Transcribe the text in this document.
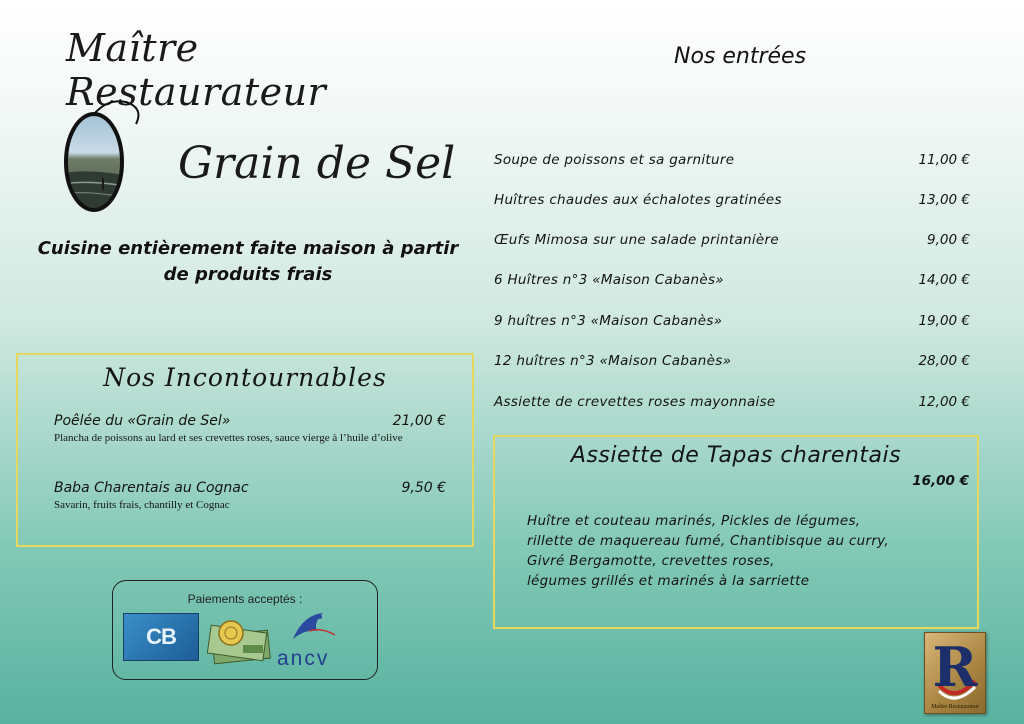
Maître Restaurateur
Grain de Sel
Cuisine entièrement faite maison à partir
de produits frais
Nos Incontournables
Poêlée du «Grain de Sel»	21,00 €
Plancha de poissons au lard et ses crevettes roses, sauce vierge à l’huile d’olive
Baba Charentais au Cognac	9,50 €
Savarin, fruits frais, chantilly et Cognac
Paiements acceptés :
CB
ancv
Nos entrées
Soupe de poissons et sa garniture	11,00 €
Huîtres chaudes aux échalotes gratinées	13,00 €
Œufs Mimosa sur une salade printanière	9,00 €
6 Huîtres n°3 «Maison Cabanès»	14,00 €
9 huîtres n°3 «Maison Cabanès»	19,00 €
12 huîtres n°3 «Maison Cabanès»	28,00 €
Assiette de crevettes roses mayonnaise	12,00 €
Assiette de Tapas charentais
16,00 €
Huître et couteau marinés, Pickles de légumes,
rillette de maquereau fumé, Chantibisque au curry,
Givré Bergamotte, crevettes roses,
légumes grillés et marinés à la sarriette
R
Maître Restaurateur
